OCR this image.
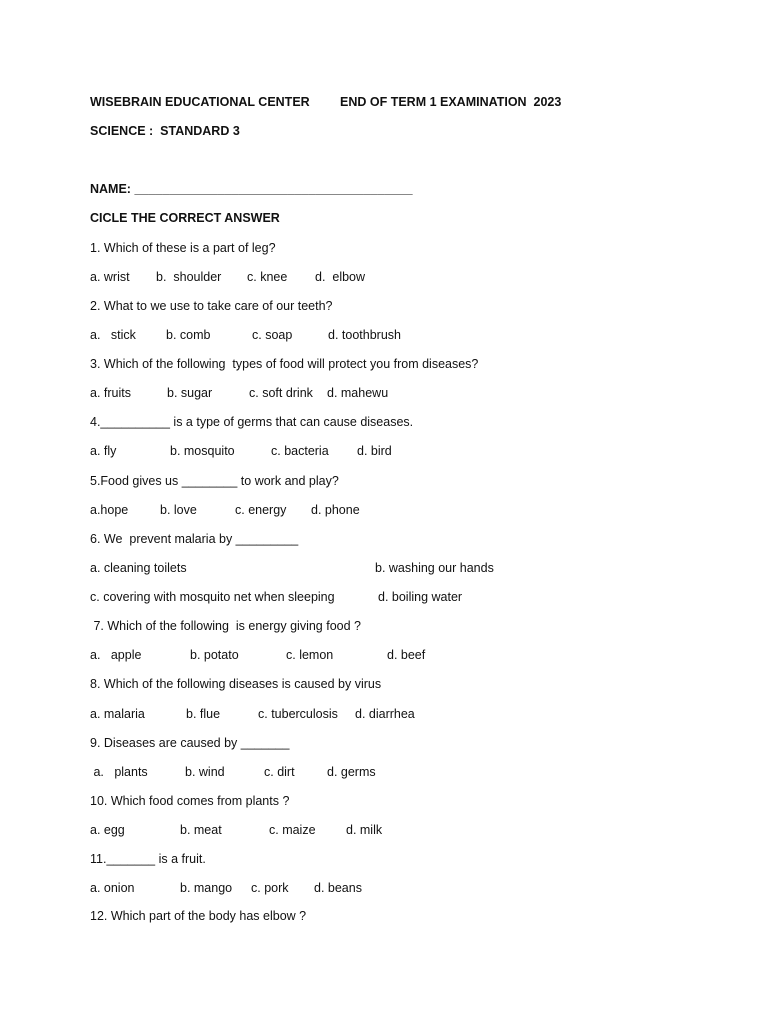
WISEBRAIN EDUCATIONAL CENTER END OF TERM 1 EXAMINATION  2023
SCIENCE :  STANDARD 3
NAME: ________________________________________
CICLE THE CORRECT ANSWER
1. Which of these is a part of leg?
a. wrist b.  shoulder c. knee d.  elbow
2. What to we use to take care of our teeth?
a.   stick b. comb	c. soap	d. toothbrush
3. Which of the following  types of food will protect you from diseases?
a. fruits	b. sugar	c. soft drink d. mahewu
4.__________ is a type of germs that can cause diseases.
a. fly	b. mosquito	c. bacteria d. bird
5.Food gives us ________ to work and play?
a.hope	b. love	c. energy d. phone
6. We  prevent malaria by _________
a. cleaning toilets	b. washing our hands
c. covering with mosquito net when sleeping	d. boiling water
7. Which of the following  is energy giving food ?
a.   apple	b. potato	c. lemon	d. beef
8. Which of the following diseases is caused by virus
a. malaria	b. flue	c. tuberculosis d. diarrhea
9. Diseases are caused by _______
a.   plants	b. wind	c. dirt	d. germs
10. Which food comes from plants ?
a. egg	b. meat	c. maize d. milk
11._______ is a fruit.
a. onion	b. mango c. pork d. beans
12. Which part of the body has elbow ?
